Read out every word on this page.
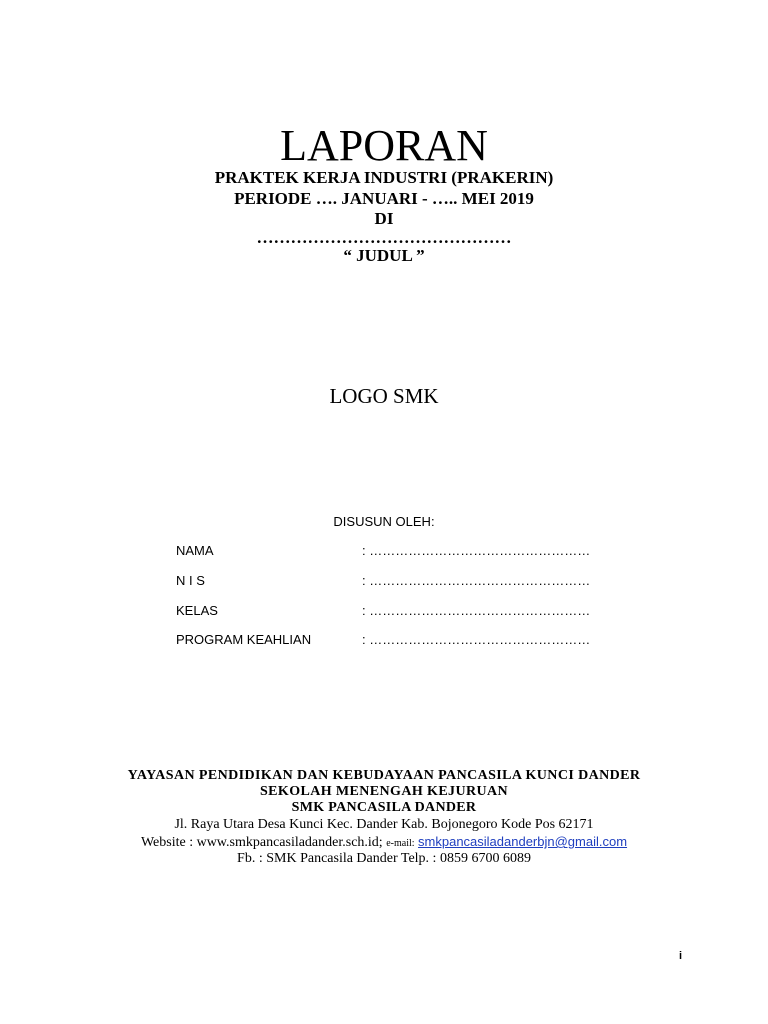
LAPORAN
PRAKTEK KERJA INDUSTRI (PRAKERIN)
PERIODE …. JANUARI - ….. MEI 2019
DI
………………………………………
“ JUDUL ”
LOGO SMK
DISUSUN OLEH:
NAMA	: ……………………………………………
N I S	: ……………………………………………
KELAS	: ……………………………………………
PROGRAM KEAHLIAN	: ……………………………………………
YAYASAN PENDIDIKAN DAN KEBUDAYAAN PANCASILA KUNCI DANDER
SEKOLAH MENENGAH KEJURUAN
SMK PANCASILA DANDER
Jl. Raya Utara Desa Kunci Kec. Dander Kab. Bojonegoro Kode Pos 62171
Website : www.smkpancasiladander.sch.id; e-mail: smkpancasiladanderbjn@gmail.com
Fb. : SMK Pancasila Dander Telp. : 0859 6700 6089
i
